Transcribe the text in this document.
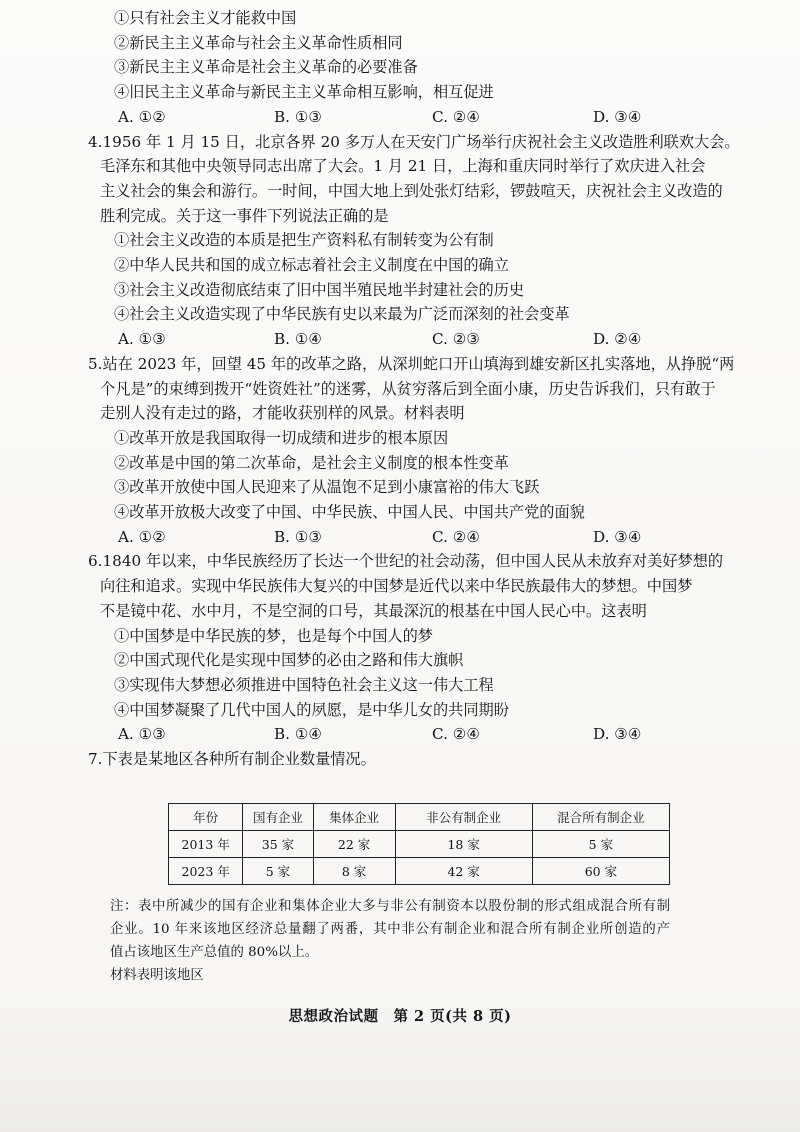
①只有社会主义才能救中国
②新民主主义革命与社会主义革命性质相同
③新民主主义革命是社会主义革命的必要准备
④旧民主主义革命与新民主主义革命相互影响，相互促进
A. ①②	B. ①③	C. ②④	D. ③④
4.1956 年 1 月 15 日，北京各界 20 多万人在天安门广场举行庆祝社会主义改造胜利联欢大会。
毛泽东和其他中央领导同志出席了大会。1 月 21 日，上海和重庆同时举行了欢庆进入社会
主义社会的集会和游行。一时间，中国大地上到处张灯结彩，锣鼓喧天，庆祝社会主义改造的
胜利完成。关于这一事件下列说法正确的是
①社会主义改造的本质是把生产资料私有制转变为公有制
②中华人民共和国的成立标志着社会主义制度在中国的确立
③社会主义改造彻底结束了旧中国半殖民地半封建社会的历史
④社会主义改造实现了中华民族有史以来最为广泛而深刻的社会变革
A. ①③	B. ①④	C. ②③	D. ②④
5.站在 2023 年，回望 45 年的改革之路，从深圳蛇口开山填海到雄安新区扎实落地，从挣脱“两
个凡是”的束缚到拨开“姓资姓社”的迷雾，从贫穷落后到全面小康，历史告诉我们，只有敢于
走别人没有走过的路，才能收获别样的风景。材料表明
①改革开放是我国取得一切成绩和进步的根本原因
②改革是中国的第二次革命，是社会主义制度的根本性变革
③改革开放使中国人民迎来了从温饱不足到小康富裕的伟大飞跃
④改革开放极大改变了中国、中华民族、中国人民、中国共产党的面貌
A. ①②	B. ①③	C. ②④	D. ③④
6.1840 年以来，中华民族经历了长达一个世纪的社会动荡，但中国人民从未放弃对美好梦想的
向往和追求。实现中华民族伟大复兴的中国梦是近代以来中华民族最伟大的梦想。中国梦
不是镜中花、水中月，不是空洞的口号，其最深沉的根基在中国人民心中。这表明
①中国梦是中华民族的梦，也是每个中国人的梦
②中国式现代化是实现中国梦的必由之路和伟大旗帜
③实现伟大梦想必须推进中国特色社会主义这一伟大工程
④中国梦凝聚了几代中国人的夙愿，是中华儿女的共同期盼
A. ①③	B. ①④	C. ②④	D. ③④
7.下表是某地区各种所有制企业数量情况。
年份	国有企业	集体企业	非公有制企业	混合所有制企业
2013 年	35 家	22 家	18 家	5 家
2023 年	5 家	8 家	42 家	60 家
注：表中所减少的国有企业和集体企业大多与非公有制资本以股份制的形式组成混合所有制
企业。10 年来该地区经济总量翻了两番，其中非公有制企业和混合所有制企业所创造的产
值占该地区生产总值的 80%以上。
材料表明该地区
思想政治试题　第 2 页(共 8 页)
